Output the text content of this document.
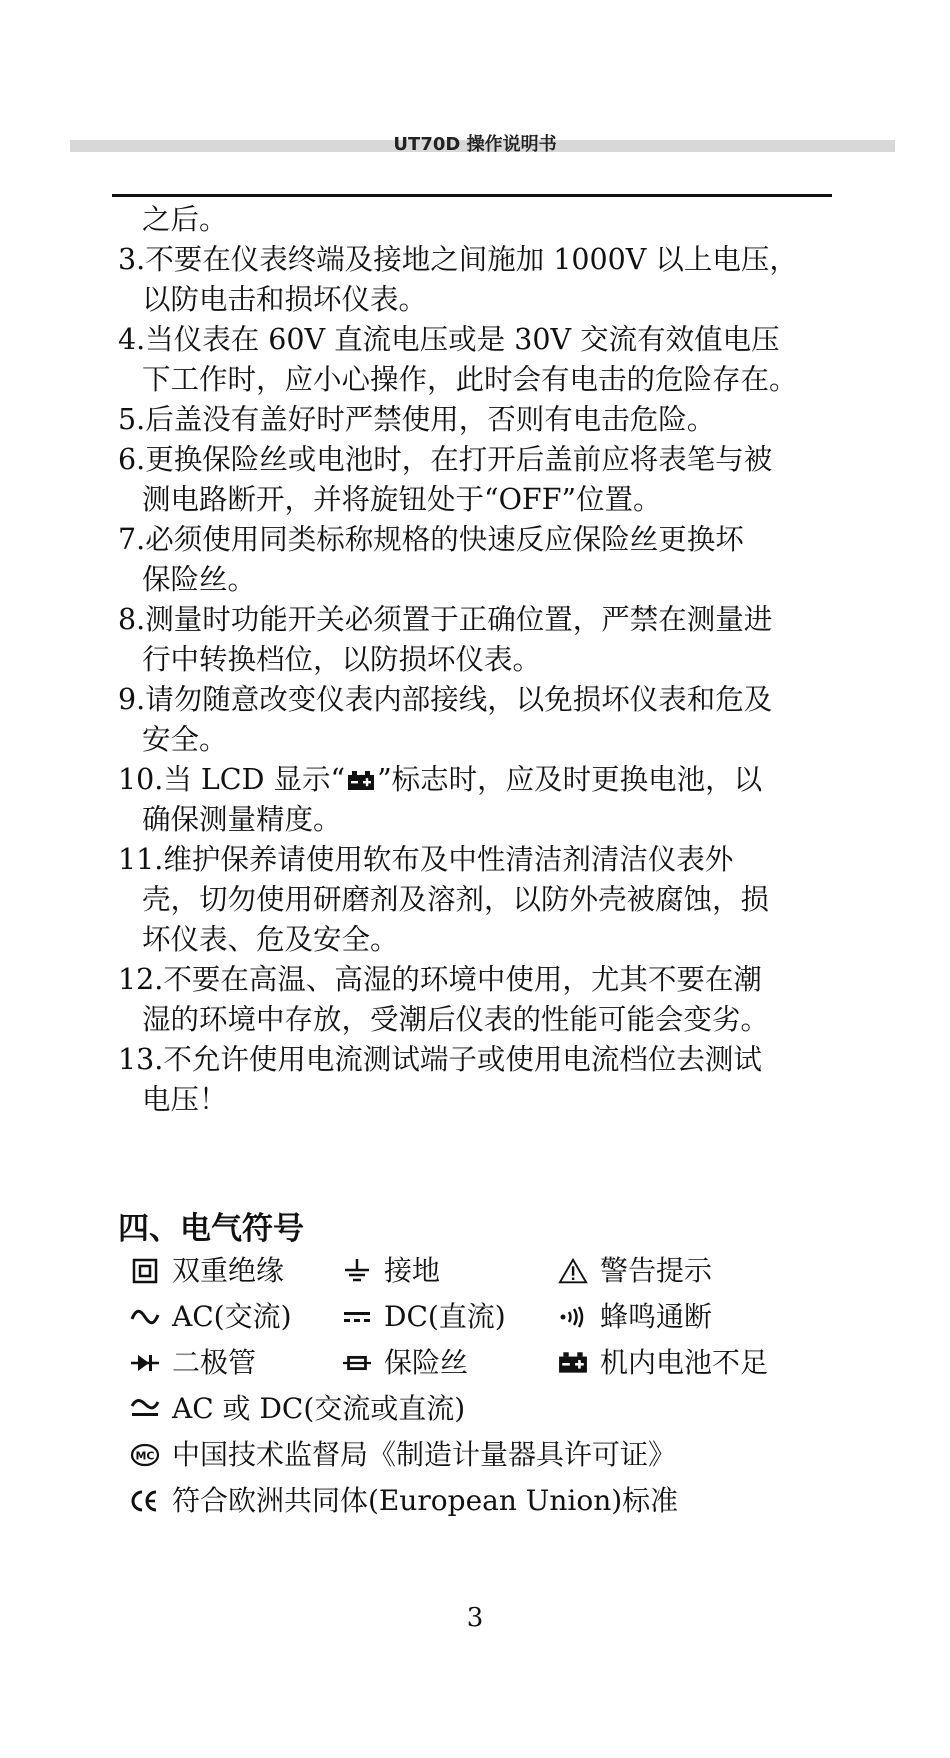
UT70D 操作说明书

之后。

3.不要在仪表终端及接地之间施加 1000V 以上电压，

以防电击和损坏仪表。

4.当仪表在 60V 直流电压或是 30V 交流有效值电压

下工作时，应小心操作，此时会有电击的危险存在。

5.后盖没有盖好时严禁使用，否则有电击危险。

6.更换保险丝或电池时，在打开后盖前应将表笔与被

测电路断开，并将旋钮处于“OFF”位置。

7.必须使用同类标称规格的快速反应保险丝更换坏

保险丝。

8.测量时功能开关必须置于正确位置，严禁在测量进

行中转换档位，以防损坏仪表。

9.请勿随意改变仪表内部接线，以免损坏仪表和危及

安全。

10.当 LCD 显示“ ”标志时，应及时更换电池，以

确保测量精度。

11.维护保养请使用软布及中性清洁剂清洁仪表外

壳，切勿使用研磨剂及溶剂，以防外壳被腐蚀，损

坏仪表、危及安全。

12.不要在高温、高湿的环境中使用，尤其不要在潮

湿的环境中存放，受潮后仪表的性能可能会变劣。

13.不允许使用电流测试端子或使用电流档位去测试

电压！

四、电气符号
双重绝缘	接地	警告提示
AC(交流)	DC(直流)	蜂鸣通断
二极管	保险丝	机内电池不足
AC 或 DC(交流或直流)
MC 中国技术监督局《制造计量器具许可证》
符合欧洲共同体(European Union)标准
3
